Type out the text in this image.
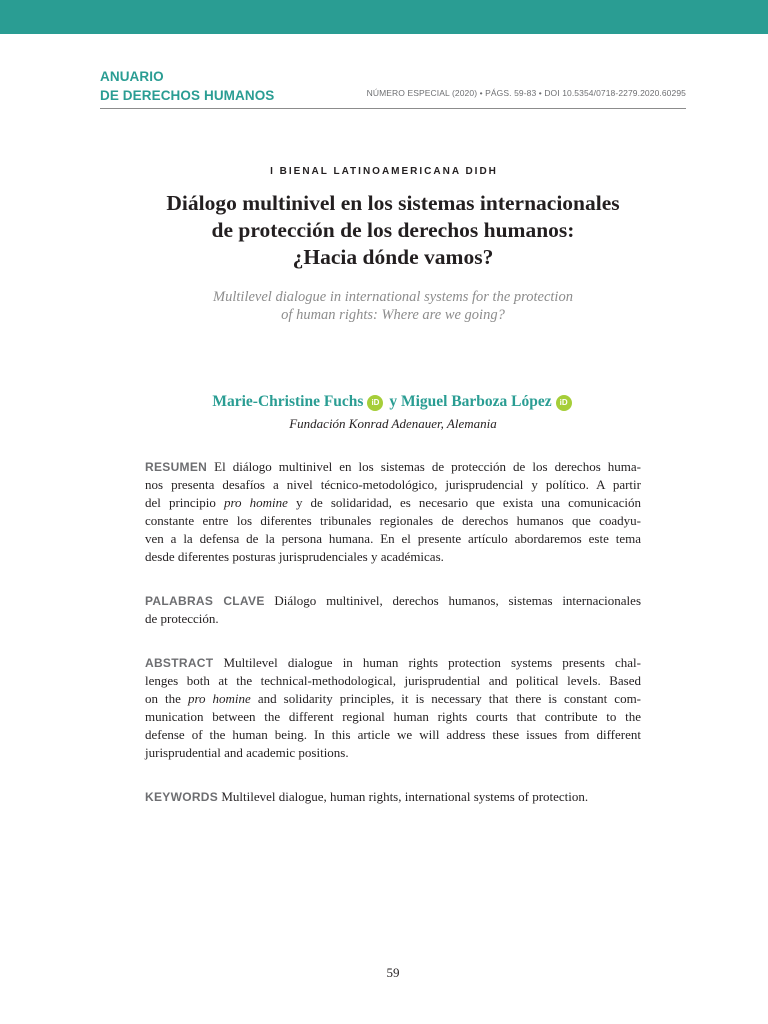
ANUARIO
DE DERECHOS HUMANOS	NÚMERO ESPECIAL (2020) • PÁGS. 59-83 • DOI 10.5354/0718-2279.2020.60295
I BIENAL LATINOAMERICANA DIDH
Diálogo multinivel en los sistemas internacionales
de protección de los derechos humanos:
¿Hacia dónde vamos?
Multilevel dialogue in international systems for the protection
of human rights: Where are we going?
Marie-Christine Fuchs iD y Miguel Barboza López iD
Fundación Konrad Adenauer, Alemania
RESUMEN El diálogo multinivel en los sistemas de protección de los derechos huma-
nos presenta desafíos a nivel técnico-metodológico, jurisprudencial y político. A partir
del principio pro homine y de solidaridad, es necesario que exista una comunicación
constante entre los diferentes tribunales regionales de derechos humanos que coadyu-
ven a la defensa de la persona humana. En el presente artículo abordaremos este tema
desde diferentes posturas jurisprudenciales y académicas.
PALABRAS CLAVE Diálogo multinivel, derechos humanos, sistemas internacionales
de protección.
ABSTRACT Multilevel dialogue in human rights protection systems presents chal-
lenges both at the technical-methodological, jurisprudential and political levels. Based
on the pro homine and solidarity principles, it is necessary that there is constant com-
munication between the different regional human rights courts that contribute to the
defense of the human being. In this article we will address these issues from different
jurisprudential and academic positions.
KEYWORDS Multilevel dialogue, human rights, international systems of protection.
59
